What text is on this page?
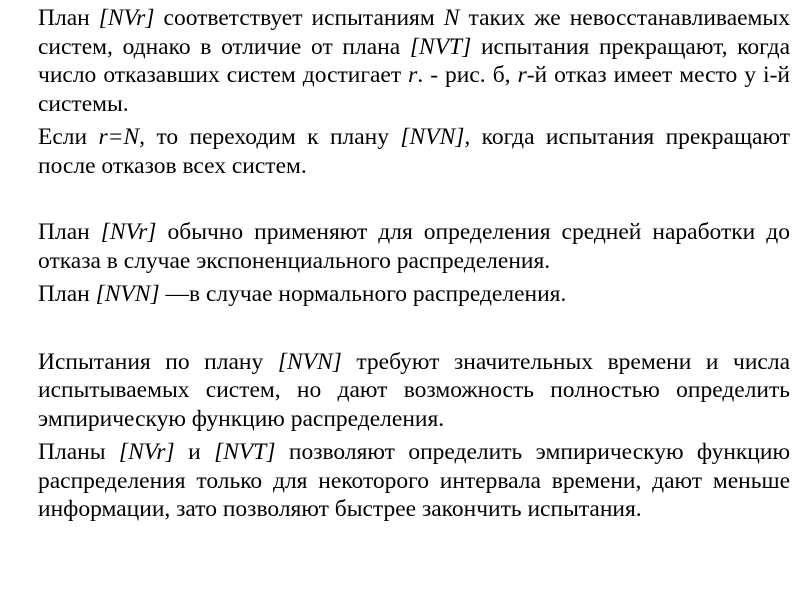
План [NVr] соответствует испытаниям N таких же невосстанавливаемых систем, однако в отличие от плана [NVT] испытания прекращают, когда число отказавших систем достигает r. - рис. б, r-й отказ имеет место у i-й системы.

Если r=N, то переходим к плану [NVN], когда испытания прекращают после отказов всех систем.

План [NVr] обычно применяют для определения средней наработки до отказа в случае экспоненциального распределения.

План [NVN] —в случае нормального распределения.

Испытания по плану [NVN] требуют значительных времени и числа испытываемых систем, но дают возможность полностью определить эмпирическую функцию распределения.

Планы [NVr] и [NVT] позволяют определить эмпирическую функцию распределения только для некоторого интервала времени, дают меньше информации, зато позволяют быстрее закончить испытания.
